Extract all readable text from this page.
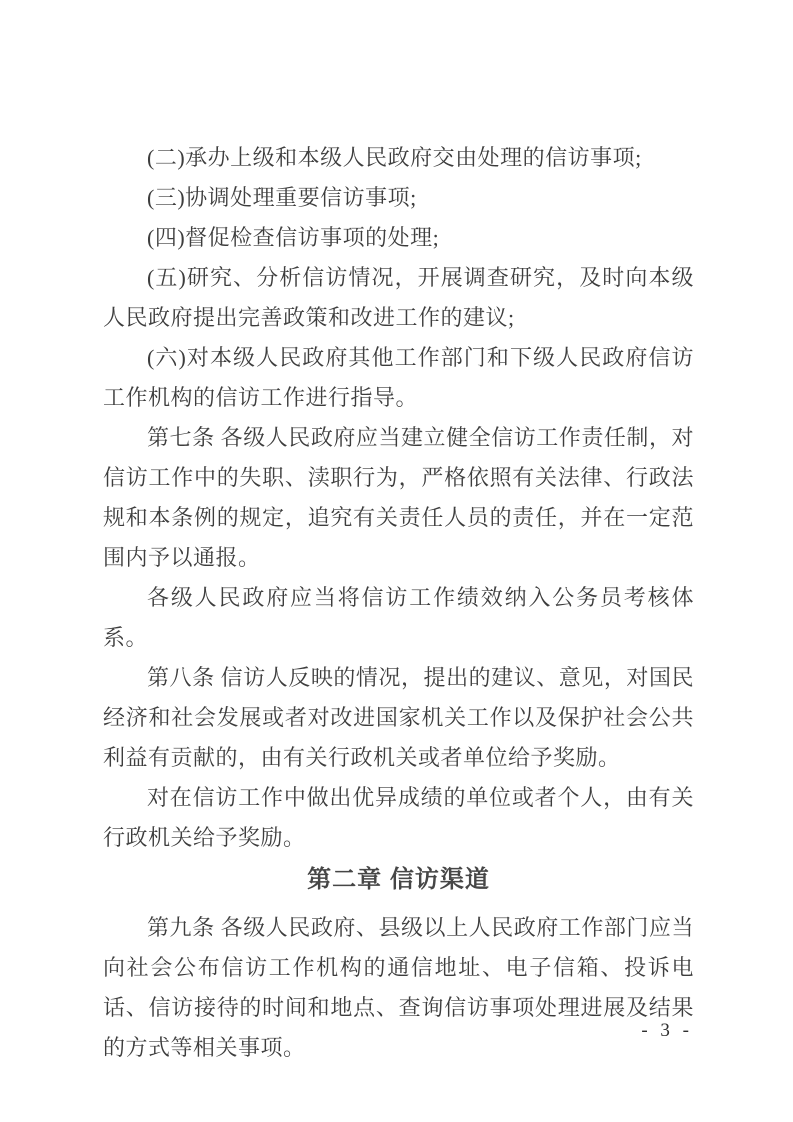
(二)承办上级和本级人民政府交由处理的信访事项;

(三)协调处理重要信访事项;

(四)督促检查信访事项的处理;

(五)研究、分析信访情况，开展调查研究，及时向本级人民政府提出完善政策和改进工作的建议;

(六)对本级人民政府其他工作部门和下级人民政府信访工作机构的信访工作进行指导。

第七条 各级人民政府应当建立健全信访工作责任制，对信访工作中的失职、渎职行为，严格依照有关法律、行政法规和本条例的规定，追究有关责任人员的责任，并在一定范围内予以通报。

各级人民政府应当将信访工作绩效纳入公务员考核体系。

第八条 信访人反映的情况，提出的建议、意见，对国民经济和社会发展或者对改进国家机关工作以及保护社会公共利益有贡献的，由有关行政机关或者单位给予奖励。

对在信访工作中做出优异成绩的单位或者个人，由有关行政机关给予奖励。

第二章 信访渠道

第九条 各级人民政府、县级以上人民政府工作部门应当向社会公布信访工作机构的通信地址、电子信箱、投诉电话、信访接待的时间和地点、查询信访事项处理进展及结果的方式等相关事项。

- 3 -
